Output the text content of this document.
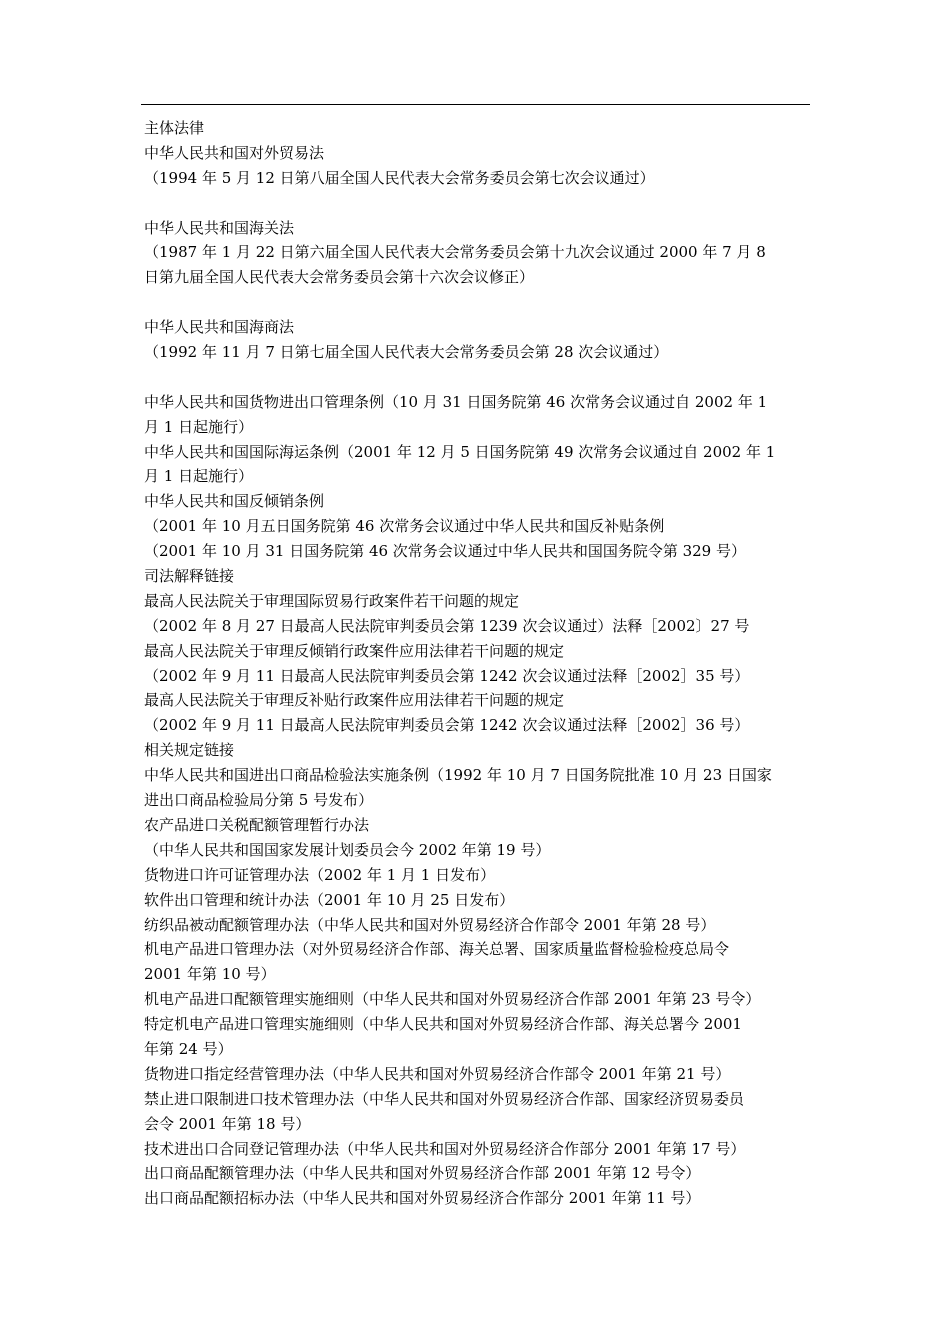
主体法律
中华人民共和国对外贸易法
（1994 年 5 月 12 日第八届全国人民代表大会常务委员会第七次会议通过）
中华人民共和国海关法
（1987 年 1 月 22 日第六届全国人民代表大会常务委员会第十九次会议通过 2000 年 7 月 8
日第九届全国人民代表大会常务委员会第十六次会议修正）
中华人民共和国海商法
（1992 年 11 月 7 日第七届全国人民代表大会常务委员会第 28 次会议通过）
中华人民共和国货物进出口管理条例（10 月 31 日国务院第 46 次常务会议通过自 2002 年 1
月 1 日起施行）
中华人民共和国国际海运条例（2001 年 12 月 5 日国务院第 49 次常务会议通过自 2002 年 1
月 1 日起施行）
中华人民共和国反倾销条例
（2001 年 10 月五日国务院第 46 次常务会议通过中华人民共和国反补贴条例
（2001 年 10 月 31 日国务院第 46 次常务会议通过中华人民共和国国务院令第 329 号）
司法解释链接
最高人民法院关于审理国际贸易行政案件若干问题的规定
（2002 年 8 月 27 日最高人民法院审判委员会第 1239 次会议通过）法释［2002〕27 号
最高人民法院关于审理反倾销行政案件应用法律若干问题的规定
（2002 年 9 月 11 日最高人民法院审判委员会第 1242 次会议通过法释［2002］35 号）
最高人民法院关于审理反补贴行政案件应用法律若干问题的规定
（2002 年 9 月 11 日最高人民法院审判委员会第 1242 次会议通过法释［2002］36 号）
相关规定链接
中华人民共和国进出口商品检验法实施条例（1992 年 10 月 7 日国务院批准 10 月 23 日国家
进出口商品检验局分第 5 号发布）
农产品进口关税配额管理暂行办法
（中华人民共和国国家发展计划委员会今 2002 年第 19 号）
货物进口许可证管理办法（2002 年 1 月 1 日发布）
软件出口管理和统计办法（2001 年 10 月 25 日发布）
纺织品被动配额管理办法（中华人民共和国对外贸易经济合作部令 2001 年第 28 号）
机电产品进口管理办法（对外贸易经济合作部、海关总署、国家质量监督检验检疫总局令
2001 年第 10 号）
机电产品进口配额管理实施细则（中华人民共和国对外贸易经济合作部 2001 年第 23 号令）
特定机电产品进口管理实施细则（中华人民共和国对外贸易经济合作部、海关总署今 2001
年第 24 号）
货物进口指定经营管理办法（中华人民共和国对外贸易经济合作部令 2001 年第 21 号）
禁止进口限制进口技术管理办法（中华人民共和国对外贸易经济合作部、国家经济贸易委员
会令 2001 年第 18 号）
技术进出口合同登记管理办法（中华人民共和国对外贸易经济合作部分 2001 年第 17 号）
出口商品配额管理办法（中华人民共和国对外贸易经济合作部 2001 年第 12 号令）
出口商品配额招标办法（中华人民共和国对外贸易经济合作部分 2001 年第 11 号）
